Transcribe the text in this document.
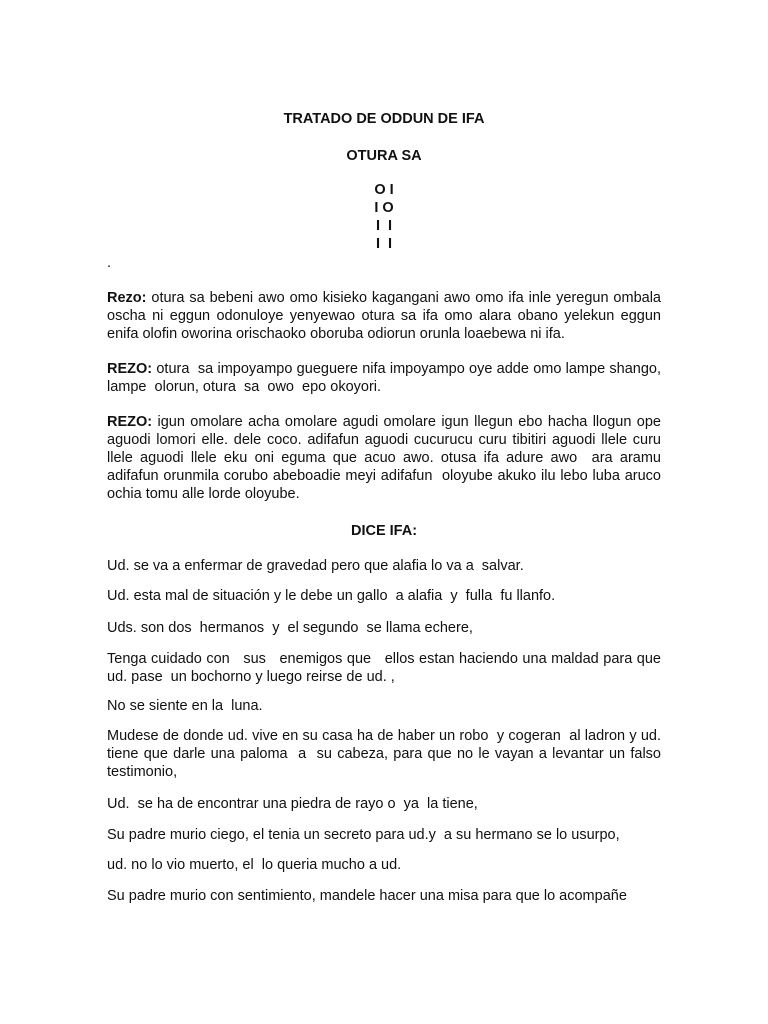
TRATADO DE ODDUN DE IFA
OTURA SA
O I
I O
I  I
I  I
.
Rezo: otura sa bebeni awo omo kisieko kagangani awo omo ifa inle yeregun ombala oscha ni eggun odonuloye yenyewao otura sa ifa omo alara obano yelekun eggun enifa olofin oworina orischaoko oboruba odiorun orunla loaebewa ni ifa.
REZO: otura  sa impoyampo gueguere nifa impoyampo oye adde omo lampe shango, lampe  olorun, otura  sa  owo  epo okoyori.
REZO: igun omolare acha omolare agudi omolare igun llegun ebo hacha llogun ope aguodi lomori elle. dele coco. adifafun aguodi cucurucu curu tibitiri aguodi llele curu llele aguodi llele eku oni eguma que acuo awo. otusa ifa adure awo  ara aramu adifafun orunmila corubo abeboadie meyi adifafun  oloyube akuko ilu lebo luba aruco ochia tomu alle lorde oloyube.
DICE IFA:
Ud. se va a enfermar de gravedad pero que alafia lo va a  salvar.
Ud. esta mal de situación y le debe un gallo  a alafia  y  fulla  fu llanfo.
Uds. son dos  hermanos  y  el segundo  se llama echere,
Tenga cuidado con   sus   enemigos que   ellos estan haciendo una maldad para que ud. pase  un bochorno y luego reirse de ud. ,
No se siente en la  luna.
Mudese de donde ud. vive en su casa ha de haber un robo  y cogeran  al ladron y ud. tiene que darle una paloma  a  su cabeza, para que no le vayan a levantar un falso  testimonio,
Ud.  se ha de encontrar una piedra de rayo o  ya  la tiene,
Su padre murio ciego, el tenia un secreto para ud.y  a su hermano se lo usurpo,
ud. no lo vio muerto, el  lo queria mucho a ud.
Su padre murio con sentimiento, mandele hacer una misa para que lo acompañe
